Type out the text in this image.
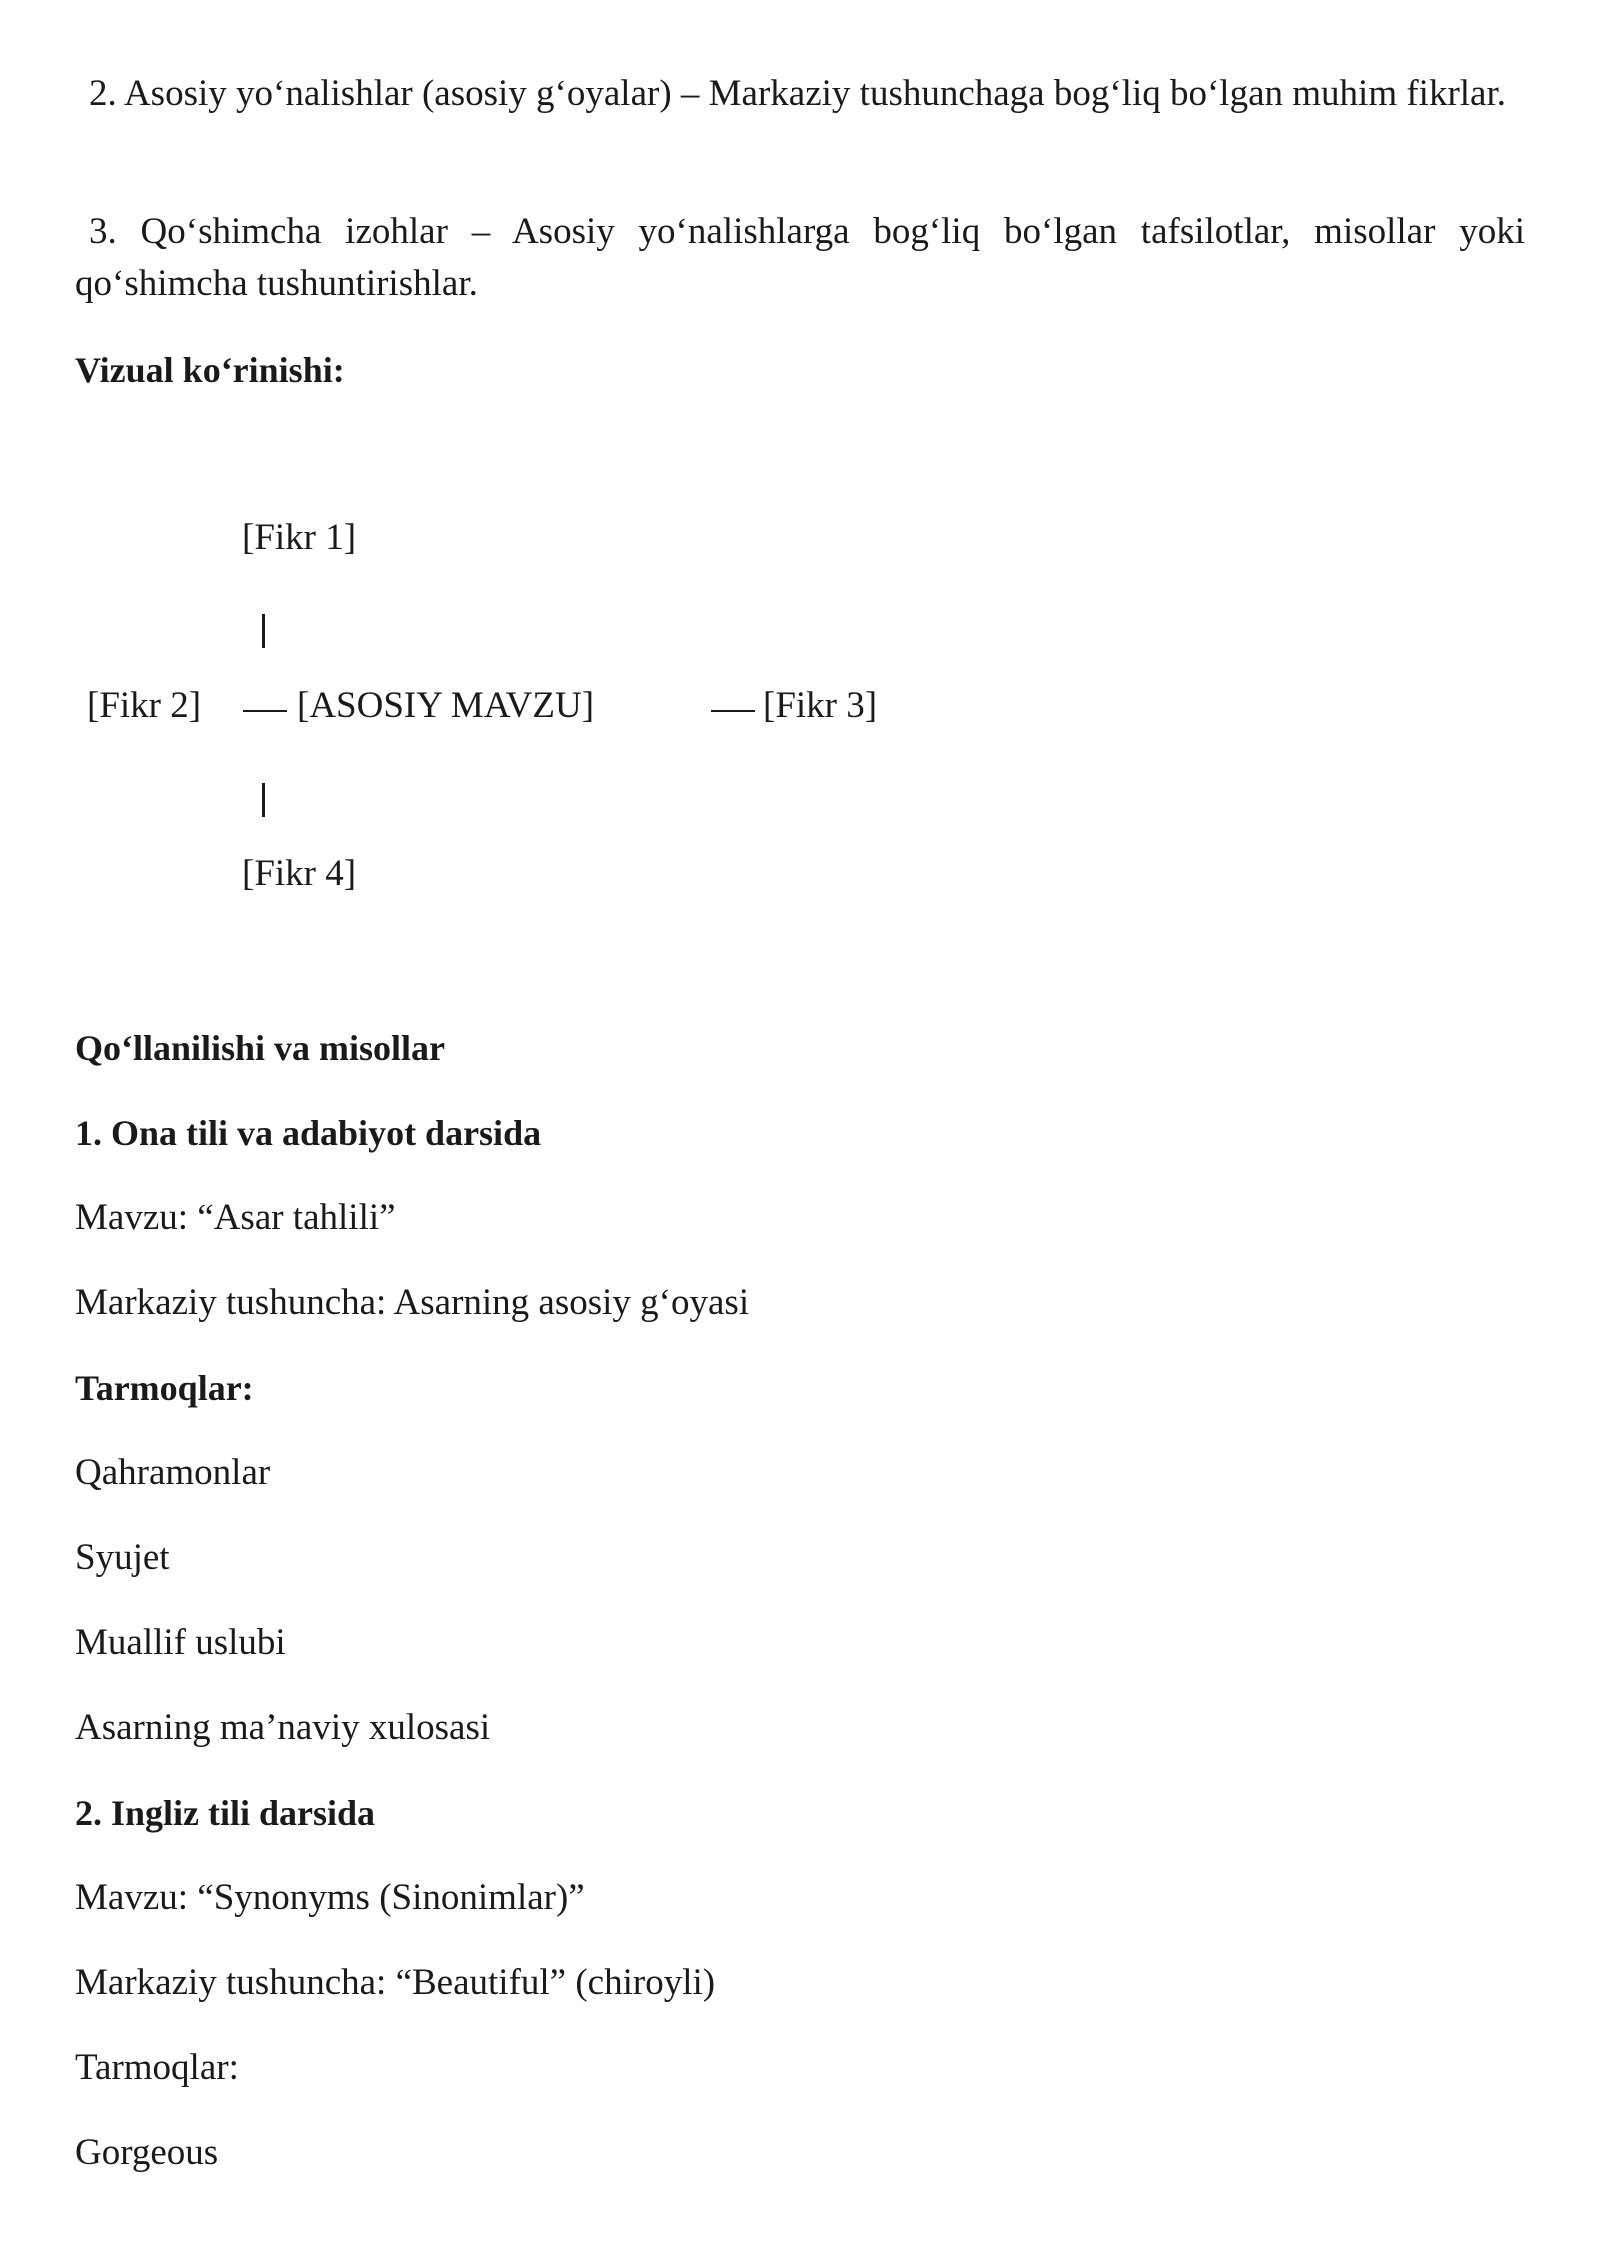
2. Asosiy yo‘nalishlar (asosiy g‘oyalar) – Markaziy tushunchaga bog‘liq bo‘lgan muhim fikrlar.

3. Qo‘shimcha izohlar – Asosiy yo‘nalishlarga bog‘liq bo‘lgan tafsilotlar, misollar yoki qo‘shimcha tushuntirishlar.

Vizual ko‘rinishi:

[Fikr 1]
[Fikr 2]	[ASOSIY MAVZU]	[Fikr 3]
[Fikr 4]

Qo‘llanilishi va misollar

1. Ona tili va adabiyot darsida

Mavzu: “Asar tahlili”

Markaziy tushuncha: Asarning asosiy g‘oyasi

Tarmoqlar:

Qahramonlar

Syujet

Muallif uslubi

Asarning ma’naviy xulosasi

2. Ingliz tili darsida

Mavzu: “Synonyms (Sinonimlar)”

Markaziy tushuncha: “Beautiful” (chiroyli)

Tarmoqlar:

Gorgeous
